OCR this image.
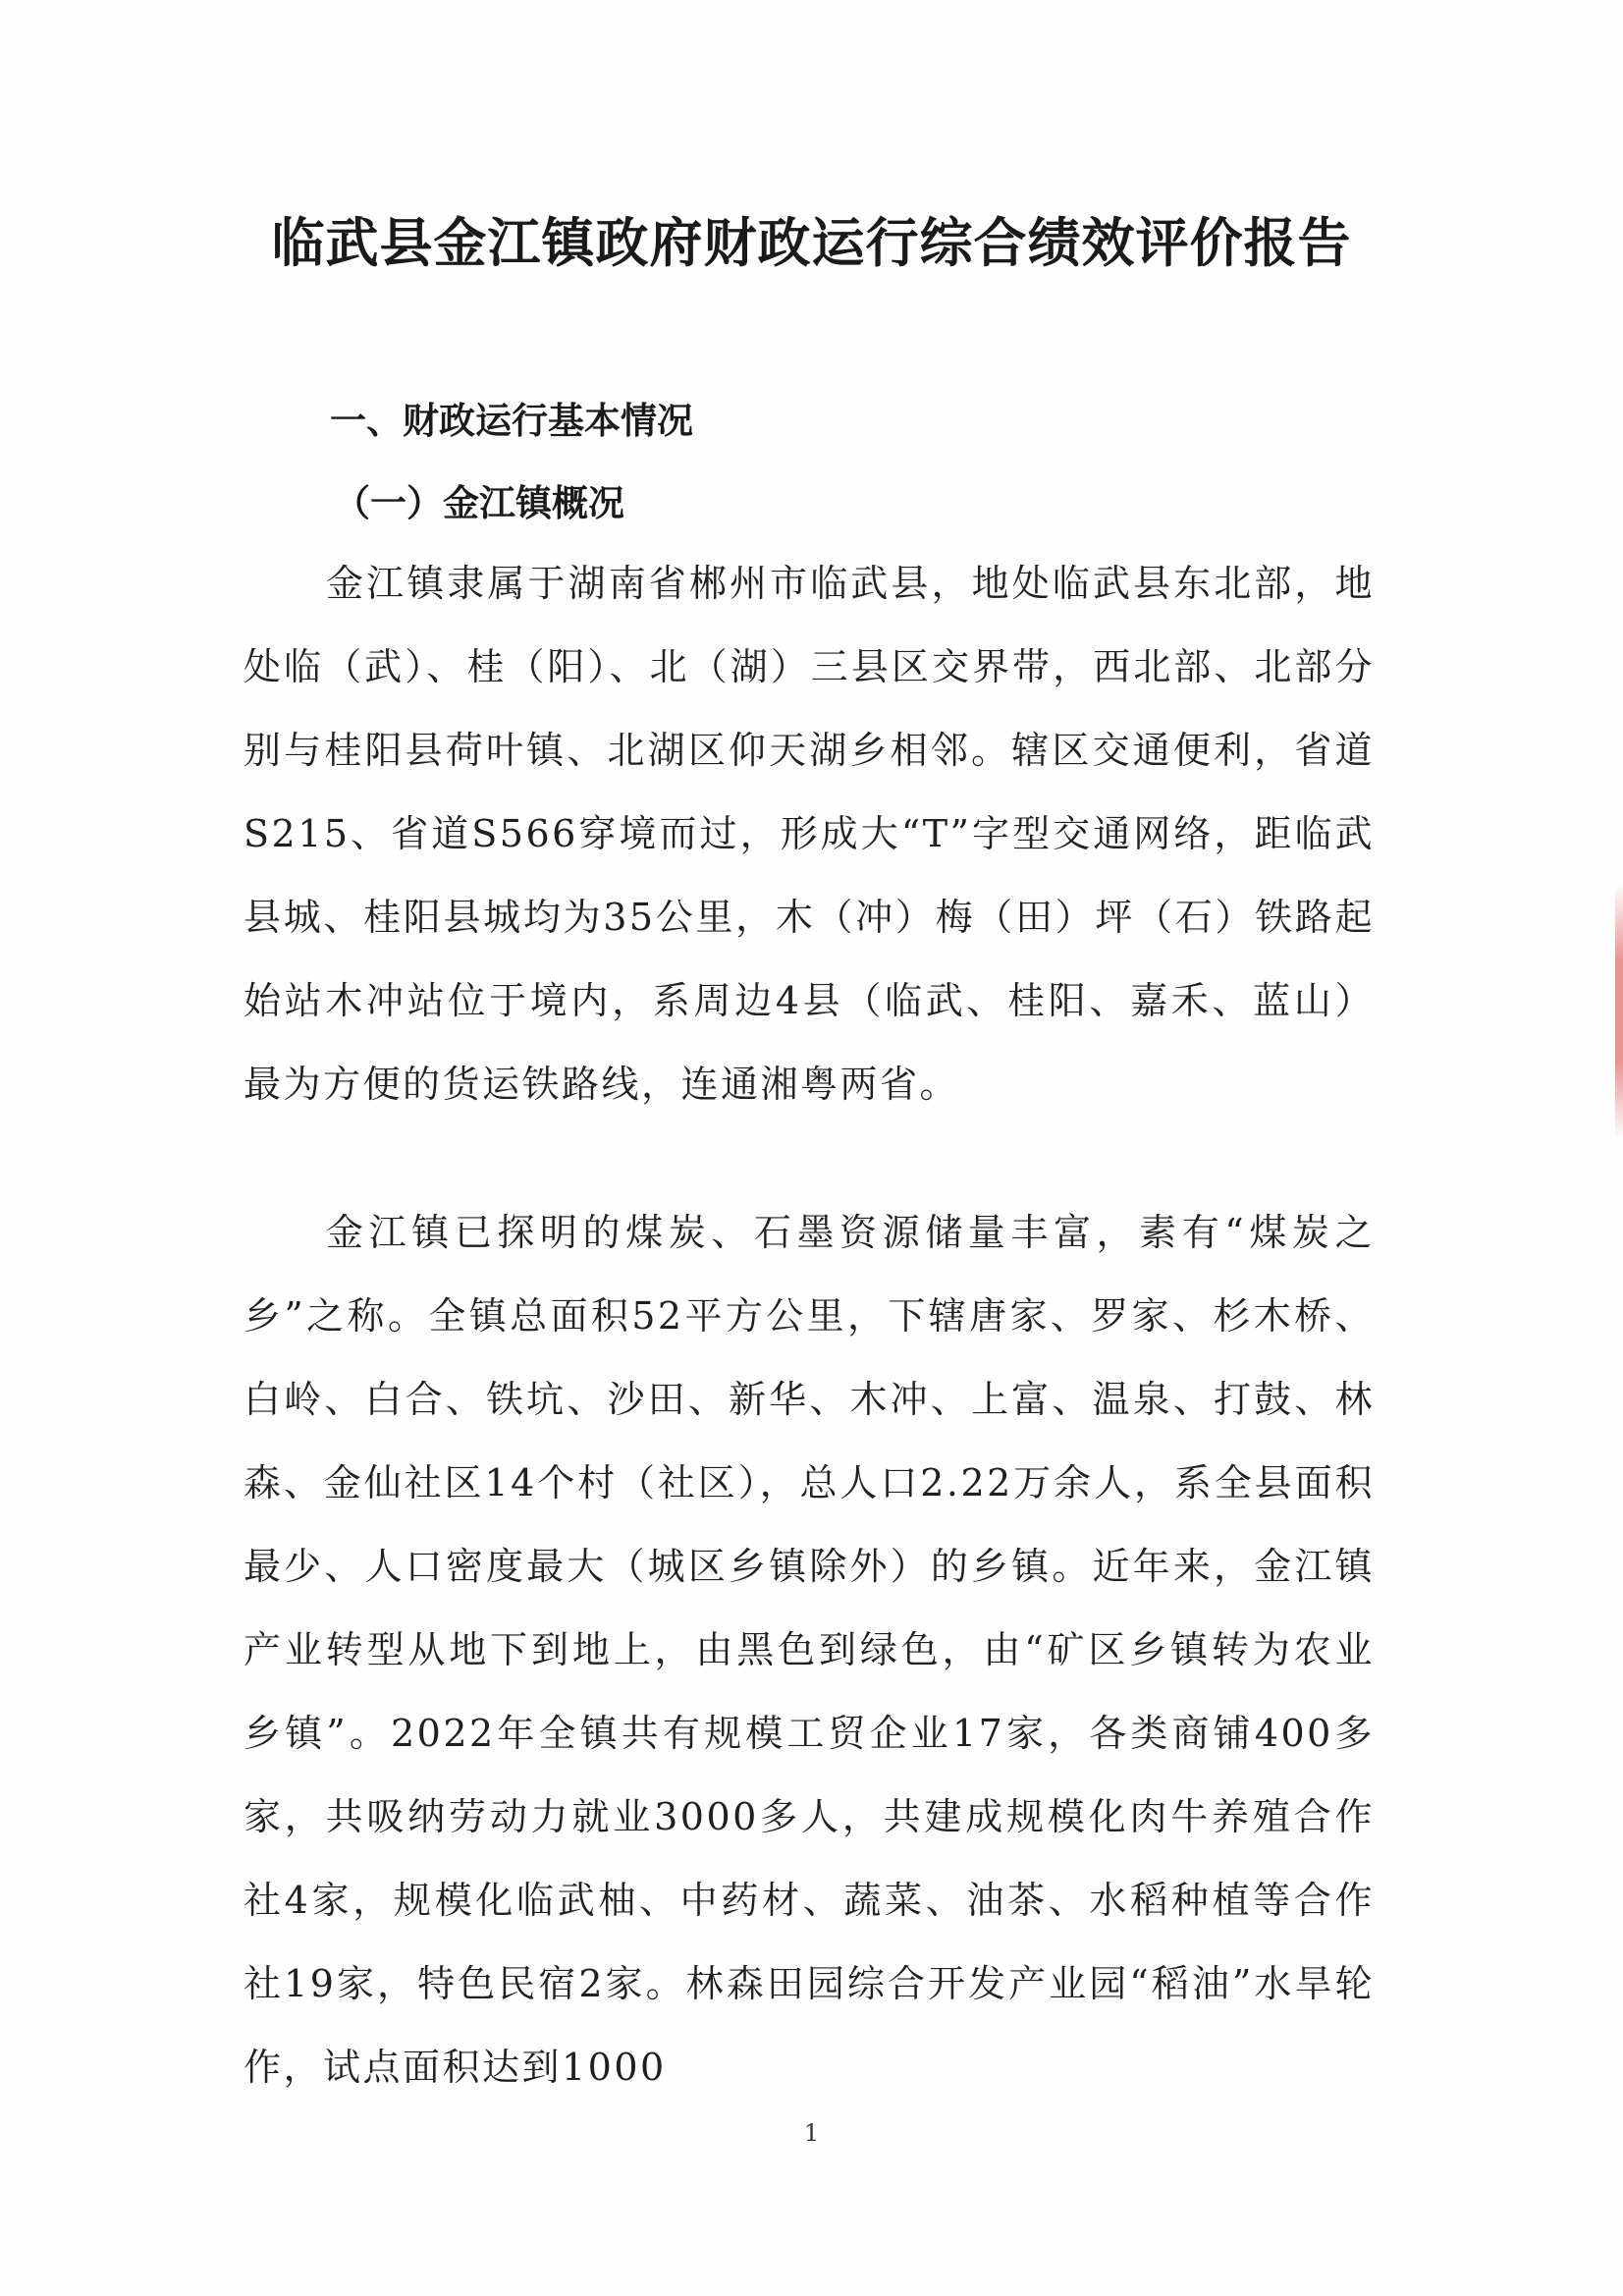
临武县金江镇政府财政运行综合绩效评价报告
一、财政运行基本情况
（一）金江镇概况

金江镇隶属于湖南省郴州市临武县，地处临武县东北部，地处临（武）、桂（阳）、北（湖）三县区交界带，西北部、北部分别与桂阳县荷叶镇、北湖区仰天湖乡相邻。辖区交通便利，省道S215、省道S566穿境而过，形成大“T”字型交通网络，距临武县城、桂阳县城均为35公里，木（冲）梅（田）坪（石）铁路起始站木冲站位于境内，系周边4县（临武、桂阳、嘉禾、蓝山）最为方便的货运铁路线，连通湘粤两省。

金江镇已探明的煤炭、石墨资源储量丰富，素有“煤炭之乡”之称。全镇总面积52平方公里，下辖唐家、罗家、杉木桥、白岭、白合、铁坑、沙田、新华、木冲、上富、温泉、打鼓、林森、金仙社区14个村（社区），总人口2.22万余人，系全县面积最少、人口密度最大（城区乡镇除外）的乡镇。近年来，金江镇产业转型从地下到地上，由黑色到绿色，由“矿区乡镇转为农业乡镇”。2022年全镇共有规模工贸企业17家，各类商铺400多家，共吸纳劳动力就业3000多人，共建成规模化肉牛养殖合作社4家，规模化临武柚、中药材、蔬菜、油茶、水稻种植等合作社19家，特色民宿2家。林森田园综合开发产业园“稻油”水旱轮作，试点面积达到1000

1
